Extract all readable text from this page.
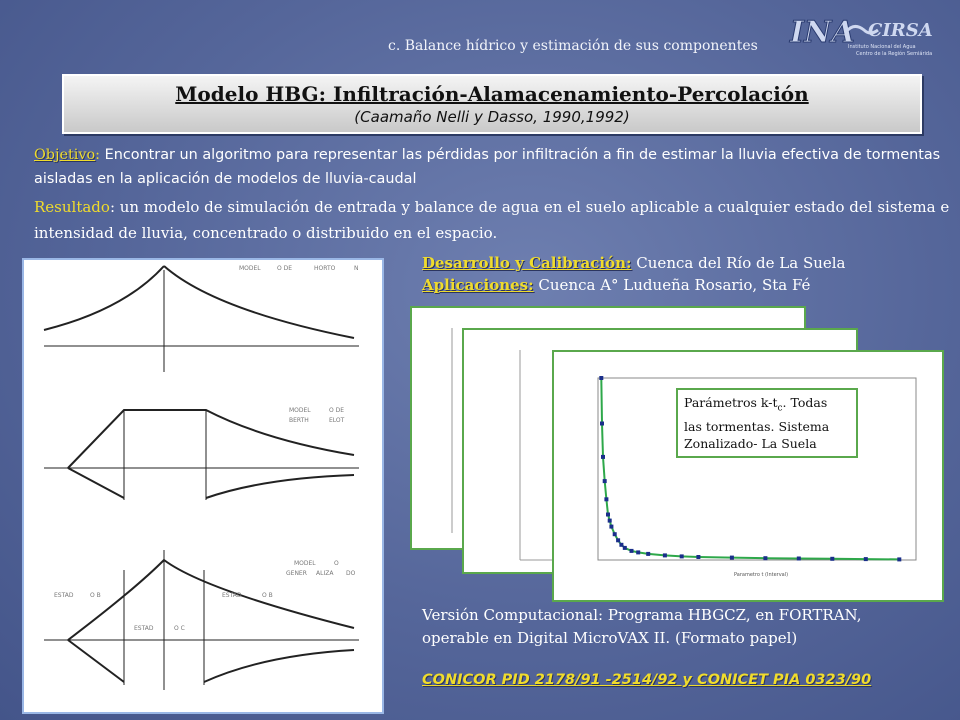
c. Balance hídrico y estimación de sus componentes INA CIRSA
Instituto Nacional del Agua
Centro de la Región Semiárida
Modelo HBG: Infiltración-Alamacenamiento-Percolación
(Caamaño Nelli y Dasso, 1990,1992)
Objetivo: Encontrar un algoritmo para representar las pérdidas por infiltración a fin de estimar la lluvia efectiva de tormentas aisladas en la aplicación de modelos de lluvia-caudal
Resultado: un modelo de simulación de entrada y balance de agua en el suelo aplicable a cualquier estado del sistema e intensidad de lluvia, concentrado o distribuido en el espacio.
MODEL	O DE	HORTO	N
MODEL	O DE
BERTH	ELOT
MODEL	O
GENER ALIZA DO
ESTAD	O B	ESTAD	O B
ESTAD	O C
Desarrollo y Calibración: Cuenca del Río de La Suela
Aplicaciones: Cuenca A° Ludueña Rosario, Sta Fé
Parametro t (Interval)
Parámetros $k-t_c$. Todas
las tormentas. Sistema
Zonalizado- La Suela
Versión Computacional: Programa HBGCZ, en FORTRAN,
operable en Digital MicroVAX II. (Formato papel)
CONICOR PID 2178/91 -2514/92 y CONICET PIA 0323/90
